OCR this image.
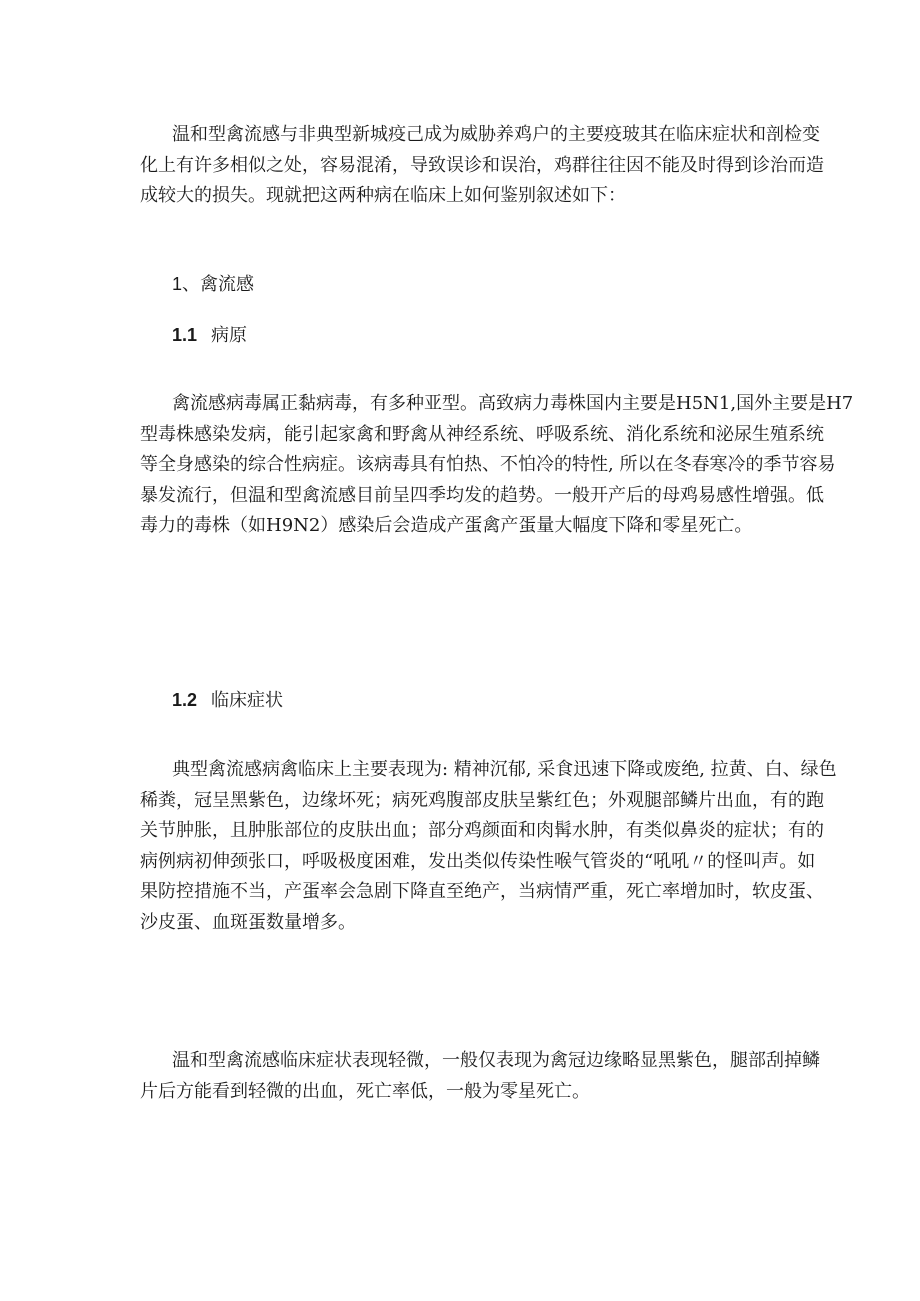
温和型禽流感与非典型新城疫己成为威胁养鸡户的主要疫玻其在临床症状和剖检变
化上有许多相似之处，容易混淆，导致误诊和误治，鸡群往往因不能及时得到诊治而造
成较大的损失。现就把这两种病在临床上如何鉴别叙述如下：
1、禽流感
1.1 病原
禽流感病毒属正黏病毒，有多种亚型。高致病力毒株国内主要是H5N1,国外主要是H7
型毒株感染发病，能引起家禽和野禽从神经系统、呼吸系统、消化系统和泌尿生殖系统
等全身感染的综合性病症。该病毒具有怕热、不怕冷的特性, 所以在冬春寒冷的季节容易
暴发流行，但温和型禽流感目前呈四季均发的趋势。一般开产后的母鸡易感性增强。低
毒力的毒株（如H9N2）感染后会造成产蛋禽产蛋量大幅度下降和零星死亡。
1.2 临床症状
典型禽流感病禽临床上主要表现为: 精神沉郁, 采食迅速下降或废绝, 拉黄、白、绿色
稀粪，冠呈黑紫色，边缘坏死；病死鸡腹部皮肤呈紫红色；外观腿部鳞片出血，有的跑
关节肿胀，且肿胀部位的皮肤出血；部分鸡颜面和肉髯水肿，有类似鼻炎的症状；有的
病例病初伸颈张口，呼吸极度困难，发出类似传染性喉气管炎的“吼吼〃的怪叫声。如
果防控措施不当，产蛋率会急剧下降直至绝产，当病情严重，死亡率增加时，软皮蛋、
沙皮蛋、血斑蛋数量增多。
温和型禽流感临床症状表现轻微，一般仅表现为禽冠边缘略显黑紫色，腿部刮掉鳞
片后方能看到轻微的出血，死亡率低，一般为零星死亡。
